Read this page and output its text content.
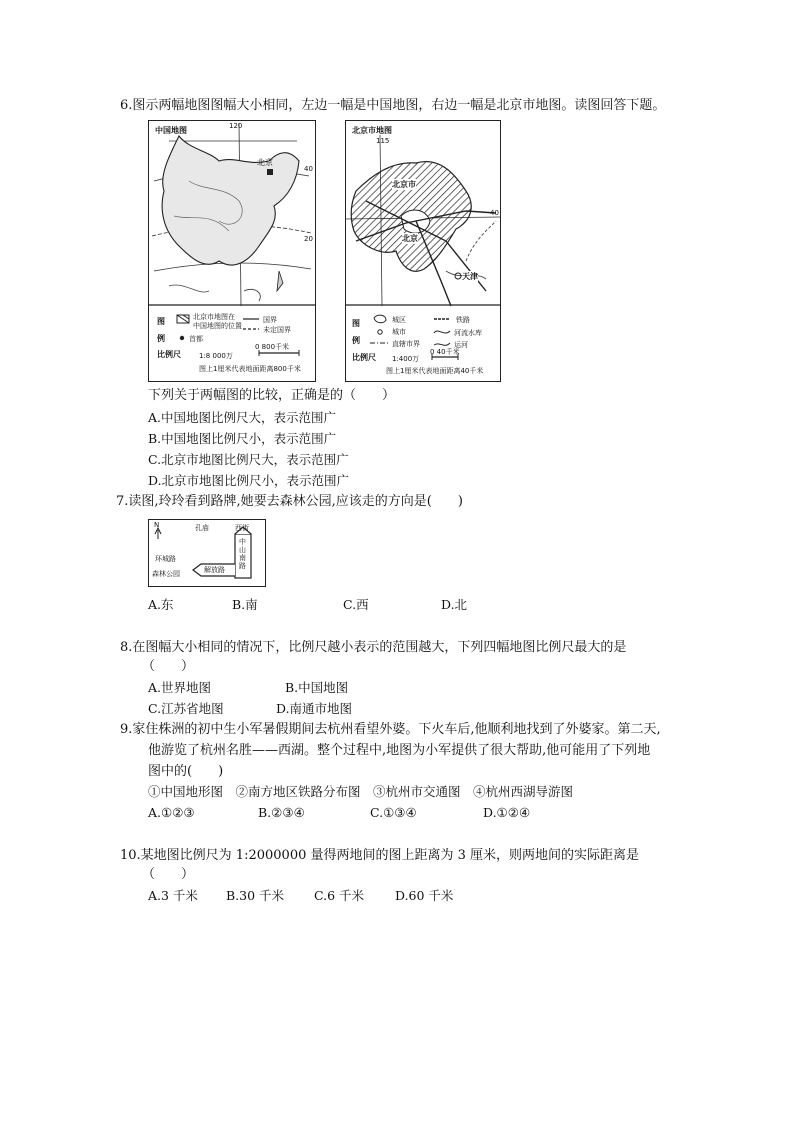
6.图示两幅地图图幅大小相同，左边一幅是中国地图，右边一幅是北京市地图。读图回答下题。
中国地图	120
40
20
北京
图
例
北京市地图在
中国地图的位置
首都
国界
未定国界
比例尺	1:8 000万
0 800千米
图上1厘米代表地面距离800千米
北京市地图
115
40
北京市
北京
天津
图
例
城区
城市
直辖市界
铁路
河流水库
运河
比例尺 1:400万
0 40千米
图上1厘米代表地面距离40千米
下列关于两幅图的比较，正确是的（　　）
A.中国地图比例尺大，表示范围广
B.中国地图比例尺小，表示范围广
C.北京市地图比例尺大，表示范围广
D.北京市地图比例尺小，表示范围广
7.读图,玲玲看到路牌,她要去森林公园,应该走的方向是(　　)
N	孔庙	西街
环城路
森林公园	解放路
中山南路
A.东	B.南	C.西	D.北
8.在图幅大小相同的情况下，比例尺越小表示的范围越大，下列四幅地图比例尺最大的是
（　　）
A.世界地图	B.中国地图
C.江苏省地图	D.南通市地图
9.家住株洲的初中生小军暑假期间去杭州看望外婆。下火车后,他顺利地找到了外婆家。第二天,
他游览了杭州名胜——西湖。整个过程中,地图为小军提供了很大帮助,他可能用了下列地
图中的(　　)
①中国地形图　②南方地区铁路分布图　③杭州市交通图　④杭州西湖导游图
A.①②③	B.②③④	C.①③④	D.①②④
10.某地图比例尺为 1:2000000 量得两地间的图上距离为 3 厘米，则两地间的实际距离是
（　　）
A.3 千米 B.30 千米 C.6 千米 D.60 千米
